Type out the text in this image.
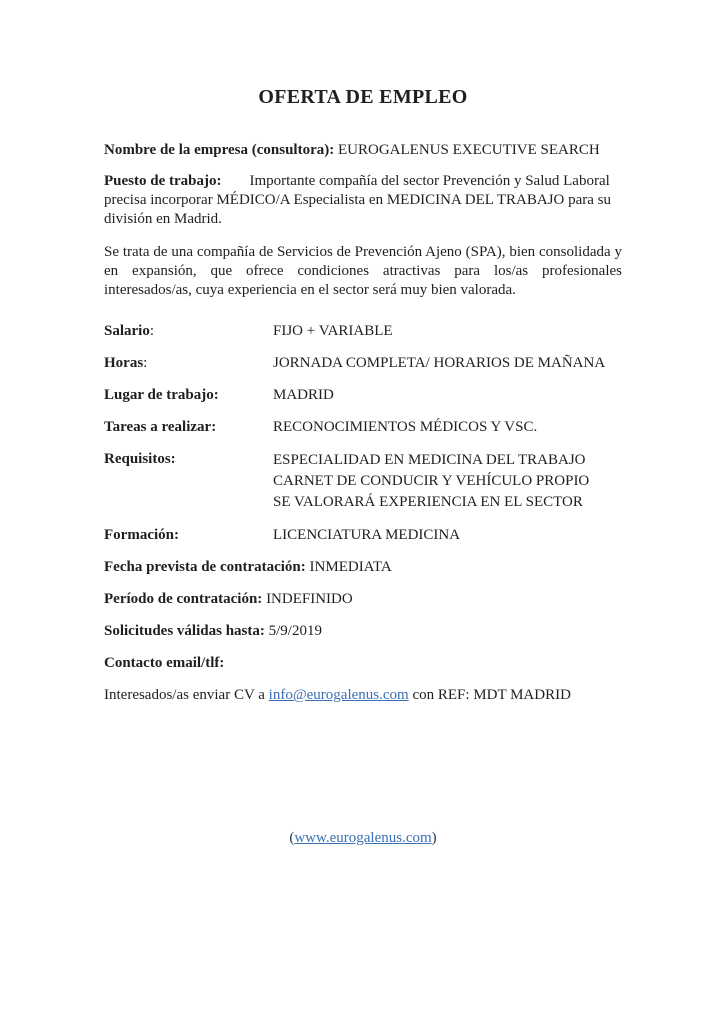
OFERTA DE EMPLEO

Nombre de la empresa (consultora): EUROGALENUS EXECUTIVE SEARCH

Puesto de trabajo: Importante compañía del sector Prevención y Salud Laboral precisa incorporar MÉDICO/A Especialista en MEDICINA DEL TRABAJO para su división en Madrid.

Se trata de una compañía de Servicios de Prevención Ajeno (SPA), bien consolidada y en expansión, que ofrece condiciones atractivas para los/as profesionales interesados/as, cuya experiencia en el sector será muy bien valorada.

Salario:	FIJO + VARIABLE
Horas:	JORNADA COMPLETA/ HORARIOS DE MAÑANA
Lugar de trabajo:	MADRID
Tareas a realizar:	RECONOCIMIENTOS MÉDICOS Y VSC.
Requisitos:	ESPECIALIDAD EN MEDICINA DEL TRABAJO
CARNET DE CONDUCIR Y VEHÍCULO PROPIO
SE VALORARÁ EXPERIENCIA EN EL SECTOR
Formación:	LICENCIATURA MEDICINA

Fecha prevista de contratación: INMEDIATA

Período de contratación: INDEFINIDO

Solicitudes válidas hasta: 5/9/2019

Contacto email/tlf:

Interesados/as enviar CV a info@eurogalenus.com con REF: MDT MADRID

(www.eurogalenus.com)
